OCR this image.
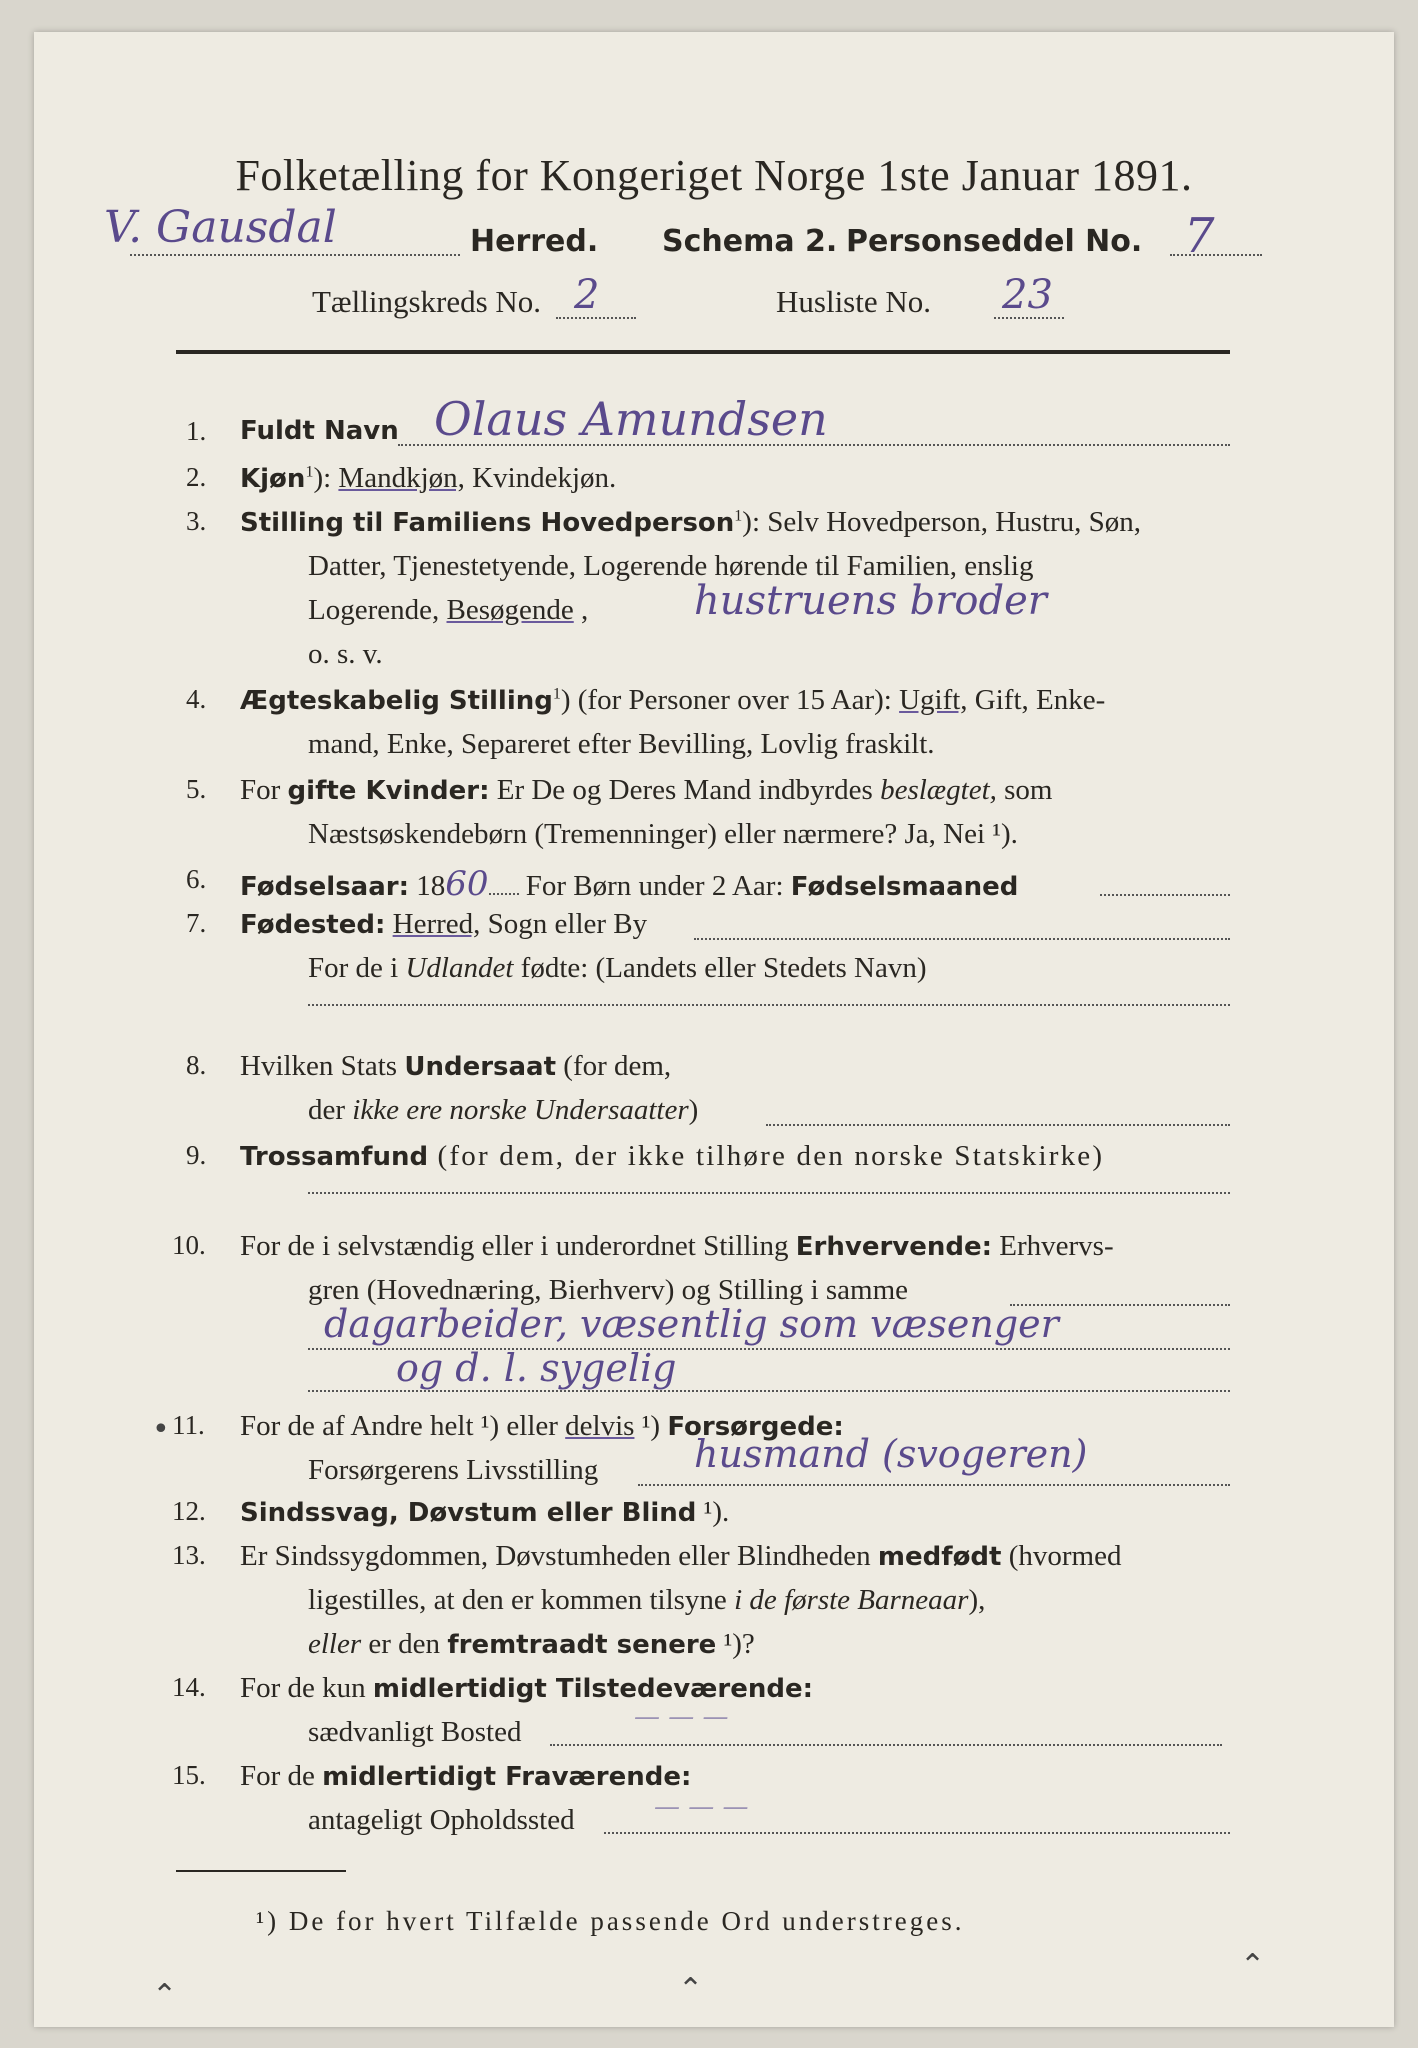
Folketælling for Kongeriget Norge 1ste Januar 1891.
V. Gausdal	Herred. Schema 2. Personseddel No. 7
Tællingskreds No. 2	Husliste No. 23
1. Fuldt Navn Olaus Amundsen
2. Kjøn$^1$): Mandkjøn, Kvindekjøn.
3. Stilling til Familiens Hovedperson$^1$): Selv Hovedperson, Hustru, Søn,
Datter, Tjenestetyende, Logerende hørende til Familien, enslig
Logerende, Besøgende ,	hustruens broder
o. s. v.
4. Ægteskabelig Stilling$^1$) (for Personer over 15 Aar): Ugift, Gift, Enke-
mand, Enke, Separeret efter Bevilling, Lovlig fraskilt.
5. For gifte Kvinder: Er De og Deres Mand indbyrdes beslægtet, som
Næstsøskendebørn (Tremenninger) eller nærmere? Ja, Nei ¹).
6. Fødselsaar: 1860 For Børn under 2 Aar: Fødselsmaaned
7. Fødested: Herred, Sogn eller By
For de i Udlandet fødte: (Landets eller Stedets Navn)
8. Hvilken Stats Undersaat (for dem,
der ikke ere norske Undersaatter)
9. Trossamfund (for dem, der ikke tilhøre den norske Statskirke)
10. For de i selvstændig eller i underordnet Stilling Erhvervende: Erhvervs-
gren (Hovednæring, Bierhverv) og Stilling i samme
dagarbeider, væsentlig som væsenger
og d. l. sygelig
• 11. For de af Andre helt ¹) eller delvis ¹) Forsørgede:
Forsørgerens Livsstilling	husmand (svogeren)
12. Sindssvag, Døvstum eller Blind ¹).
13. Er Sindssygdommen, Døvstumheden eller Blindheden medfødt (hvormed
ligestilles, at den er kommen tilsyne i de første Barneaar),
eller er den fremtraadt senere ¹)?
14. For de kun midlertidigt Tilstedeværende:
sædvanligt Bosted	— — —
15. For de midlertidigt Fraværende:
antageligt Opholdssted	— — —
¹) De for hvert Tilfælde passende Ord understreges.
⌃	⌃
⌃
